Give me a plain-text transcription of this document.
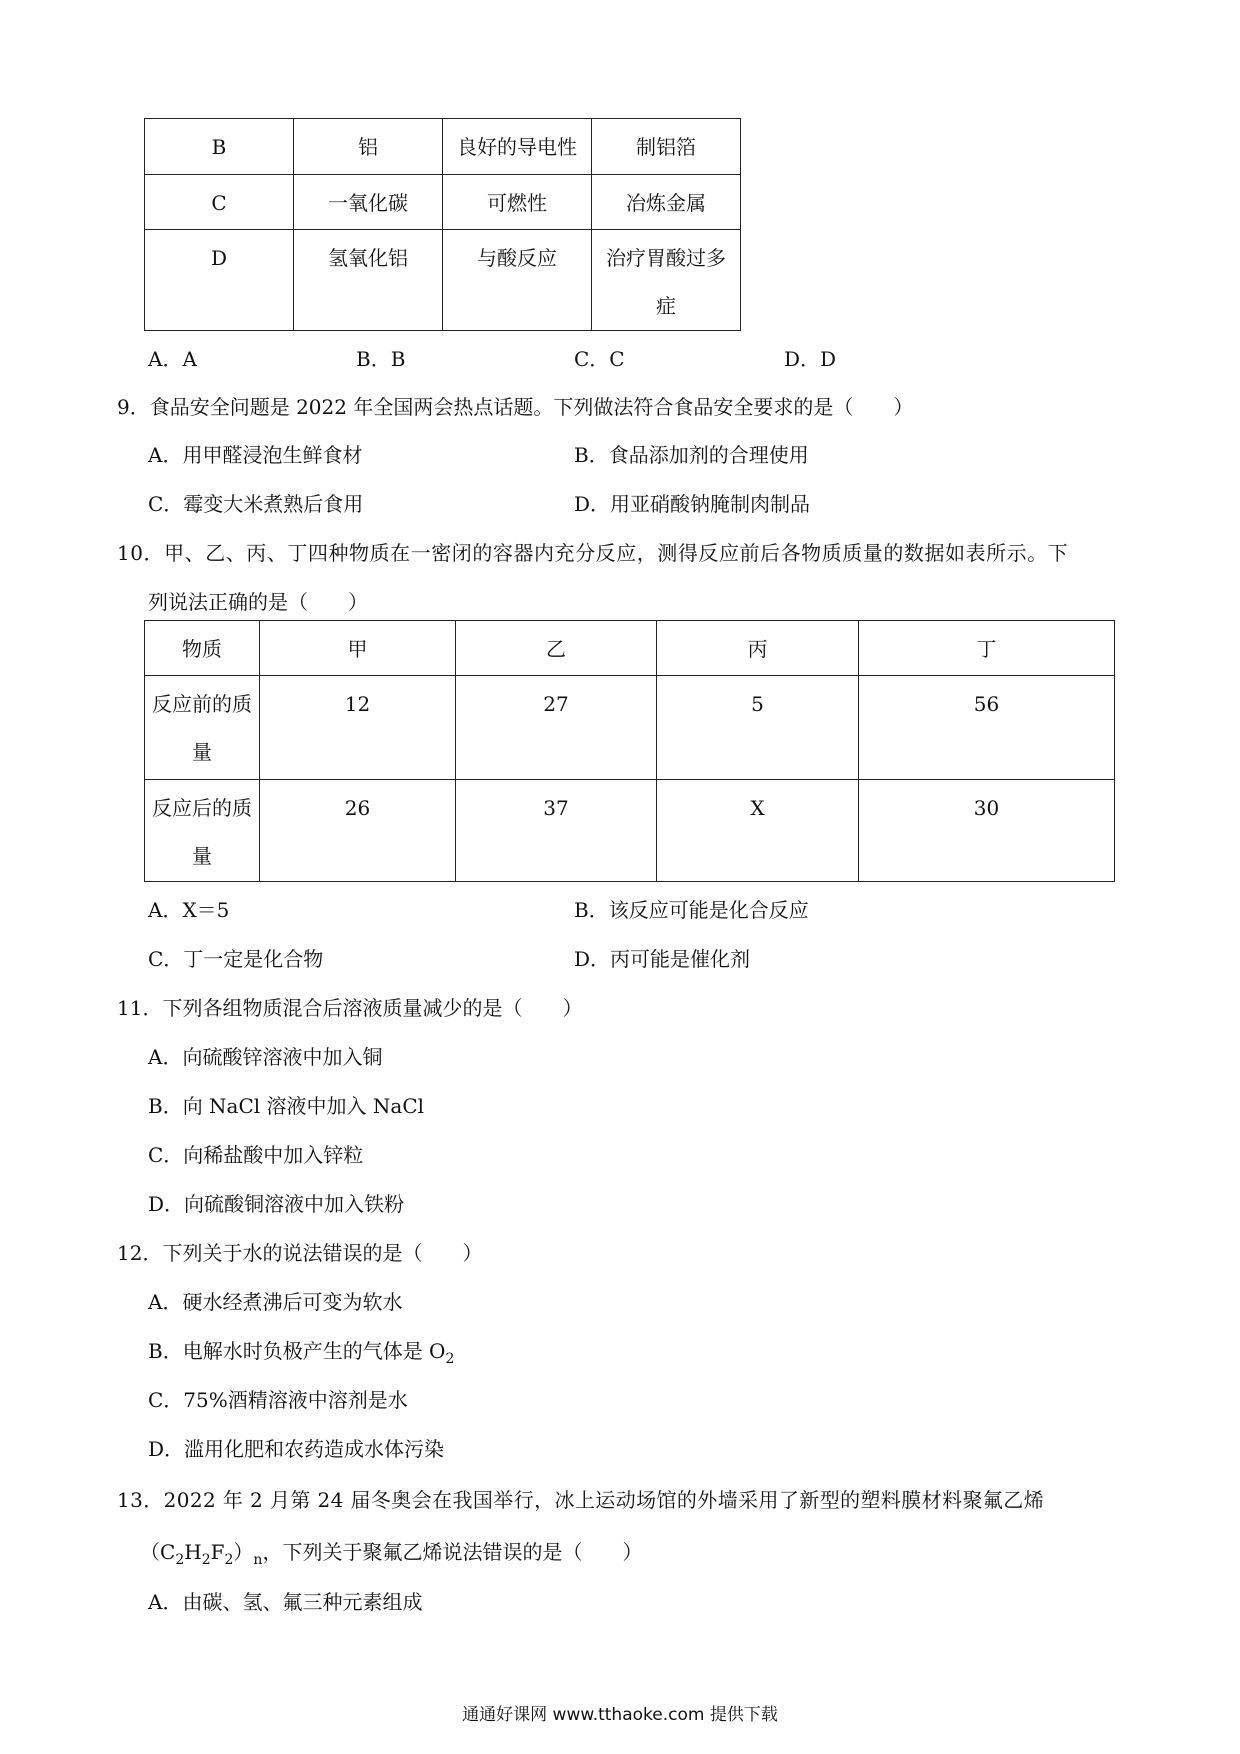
B	铝	良好的导电性	制铝箔
C	一氧化碳	可燃性	冶炼金属
D	氢氧化铝	与酸反应	治疗胃酸过多症
A．A	B．B	C．C	D．D
9．食品安全问题是 2022 年全国两会热点话题。下列做法符合食品安全要求的是（　　）
A．用甲醛浸泡生鲜食材	B．食品添加剂的合理使用
C．霉变大米煮熟后食用	D．用亚硝酸钠腌制肉制品
10．甲、乙、丙、丁四种物质在一密闭的容器内充分反应，测得反应前后各物质质量的数据如表所示。下
列说法正确的是（　　）
物质	甲	乙	丙	丁
反应前的质量	12	27	5	56
反应后的质量	26	37	X	30
A．X＝5	B．该反应可能是化合反应
C．丁一定是化合物	D．丙可能是催化剂
11．下列各组物质混合后溶液质量减少的是（　　）
A．向硫酸锌溶液中加入铜
B．向 NaCl 溶液中加入 NaCl
C．向稀盐酸中加入锌粒
D．向硫酸铜溶液中加入铁粉
12．下列关于水的说法错误的是（　　）
A．硬水经煮沸后可变为软水
B．电解水时负极产生的气体是 $O_2$
C．75%酒精溶液中溶剂是水
D．滥用化肥和农药造成水体污染
13．2022 年 2 月第 24 届冬奥会在我国举行，冰上运动场馆的外墙采用了新型的塑料膜材料聚氟乙烯
$(C_2H_2F_2)_n$，下列关于聚氟乙烯说法错误的是（　　）
A．由碳、氢、氟三种元素组成
通通好课网 www.tthaoke.com 提供下载
